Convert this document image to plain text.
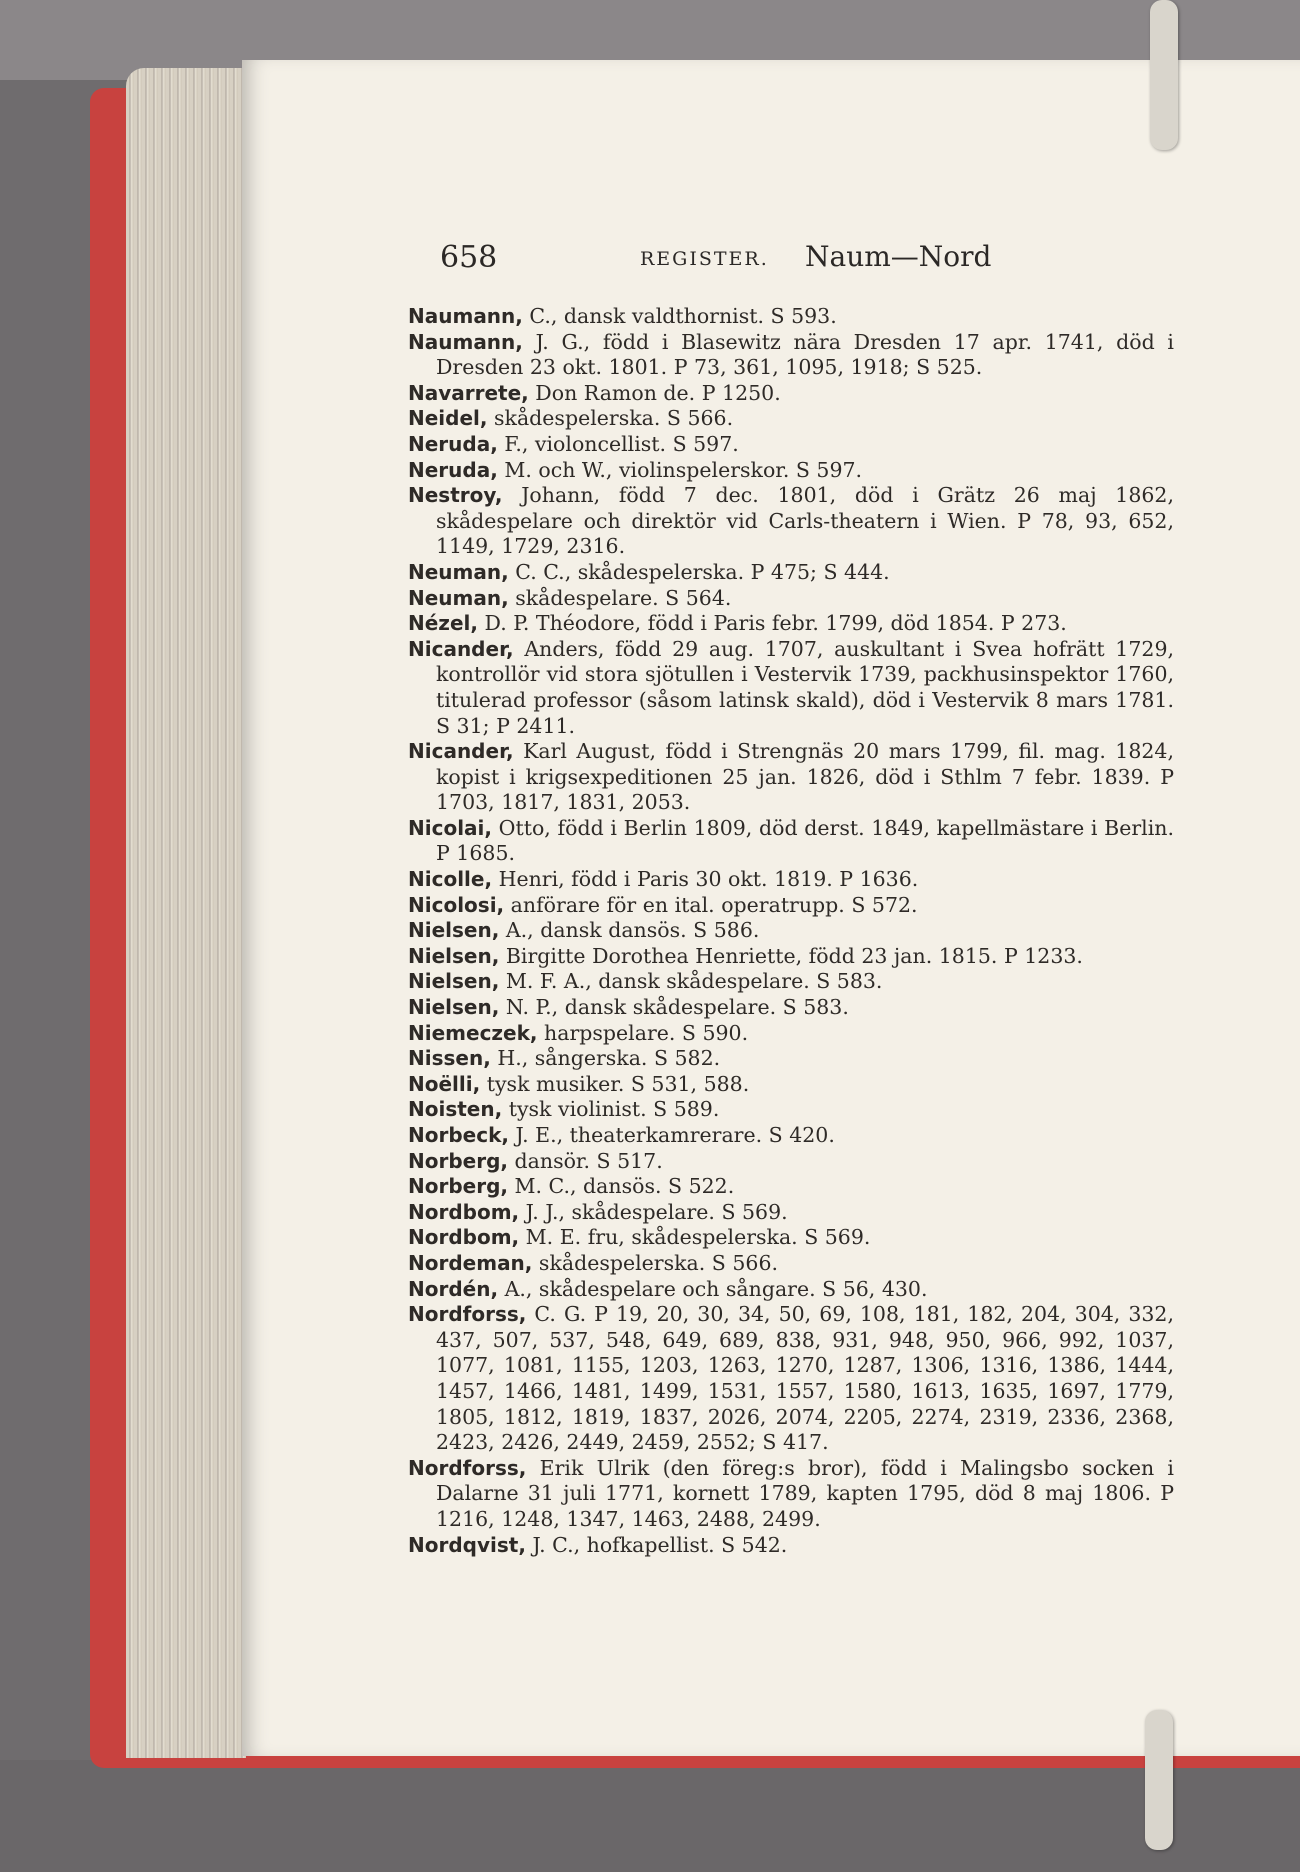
658	REGISTER. Naum—Nord

Naumann, C., dansk valdthornist. S 593.

Naumann, J. G., född i Blasewitz nära Dresden 17 apr. 1741, död i Dresden 23 okt. 1801. P 73, 361, 1095, 1918; S 525.

Navarrete, Don Ramon de. P 1250.

Neidel, skådespelerska. S 566.

Neruda, F., violoncellist. S 597.

Neruda, M. och W., violinspelerskor. S 597.

Nestroy, Johann, född 7 dec. 1801, död i Grätz 26 maj 1862, skådespelare och direktör vid Carls-theatern i Wien. P 78, 93, 652, 1149, 1729, 2316.

Neuman, C. C., skådespelerska. P 475; S 444.

Neuman, skådespelare. S 564.

Nézel, D. P. Théodore, född i Paris febr. 1799, död 1854. P 273.

Nicander, Anders, född 29 aug. 1707, auskultant i Svea hofrätt 1729, kontrollör vid stora sjötullen i Vestervik 1739, packhusinspektor 1760, titulerad professor (såsom latinsk skald), död i Vestervik 8 mars 1781. S 31; P 2411.

Nicander, Karl August, född i Strengnäs 20 mars 1799, fil. mag. 1824, kopist i krigsexpeditionen 25 jan. 1826, död i Sthlm 7 febr. 1839. P 1703, 1817, 1831, 2053.

Nicolai, Otto, född i Berlin 1809, död derst. 1849, kapellmästare i Berlin. P 1685.

Nicolle, Henri, född i Paris 30 okt. 1819. P 1636.

Nicolosi, anförare för en ital. operatrupp. S 572.

Nielsen, A., dansk dansös. S 586.

Nielsen, Birgitte Dorothea Henriette, född 23 jan. 1815. P 1233.

Nielsen, M. F. A., dansk skådespelare. S 583.

Nielsen, N. P., dansk skådespelare. S 583.

Niemeczek, harpspelare. S 590.

Nissen, H., sångerska. S 582.

Noëlli, tysk musiker. S 531, 588.

Noisten, tysk violinist. S 589.

Norbeck, J. E., theaterkamrerare. S 420.

Norberg, dansör. S 517.

Norberg, M. C., dansös. S 522.

Nordbom, J. J., skådespelare. S 569.

Nordbom, M. E. fru, skådespelerska. S 569.

Nordeman, skådespelerska. S 566.

Nordén, A., skådespelare och sångare. S 56, 430.

Nordforss, C. G. P 19, 20, 30, 34, 50, 69, 108, 181, 182, 204, 304, 332, 437, 507, 537, 548, 649, 689, 838, 931, 948, 950, 966, 992, 1037, 1077, 1081, 1155, 1203, 1263, 1270, 1287, 1306, 1316, 1386, 1444, 1457, 1466, 1481, 1499, 1531, 1557, 1580, 1613, 1635, 1697, 1779, 1805, 1812, 1819, 1837, 2026, 2074, 2205, 2274, 2319, 2336, 2368, 2423, 2426, 2449, 2459, 2552; S 417.

Nordforss, Erik Ulrik (den föreg:s bror), född i Malingsbo socken i Dalarne 31 juli 1771, kornett 1789, kapten 1795, död 8 maj 1806. P 1216, 1248, 1347, 1463, 2488, 2499.

Nordqvist, J. C., hofkapellist. S 542.
